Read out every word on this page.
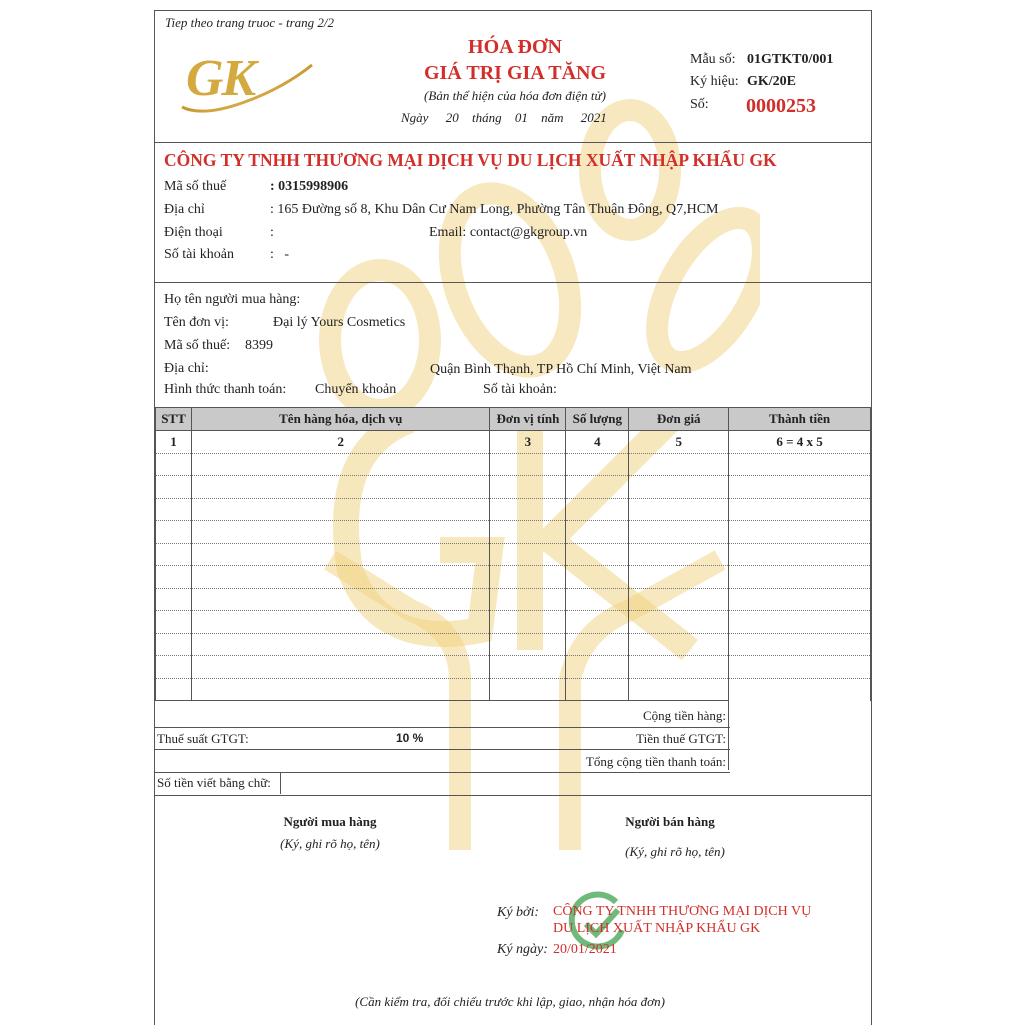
Tiep theo trang truoc - trang 2/2
GK
HÓA ĐƠN
GIÁ TRỊ GIA TĂNG
(Bản thể hiện của hóa đơn điện tử)
Ngày 20 tháng 01 năm 2021
Mẫu số: 01GTKT0/001
Ký hiệu: GK/20E
Số: 0000253
CÔNG TY TNHH THƯƠNG MẠI DỊCH VỤ DU LỊCH XUẤT NHẬP KHẨU GK
Mã số thuế	: 0315998906
Địa chỉ	: 165 Đường số 8, Khu Dân Cư Nam Long, Phường Tân Thuận Đông, Q7,HCM
Điện thoại	:	Email: contact@gkgroup.vn
Số tài khoản	:   -
Họ tên người mua hàng:
Tên đơn vị:	Đại lý Yours Cosmetics
Mã số thuế: 8399
Địa chỉ:	Quận Bình Thạnh, TP Hồ Chí Minh, Việt Nam
Hình thức thanh toán: Chuyển khoản	Số tài khoản:
STT	Tên hàng hóa, dịch vụ	Đơn vị tính	Số lượng	Đơn giá	Thành tiền
1	2	3	4	5	6 = 4 x 5

Cộng tiền hàng:
Thuế suất GTGT:	10 %	Tiền thuế GTGT:
Tổng cộng tiền thanh toán:
Số tiền viết bằng chữ:
Người mua hàng
(Ký, ghi rõ họ, tên)
Người bán hàng
(Ký, ghi rõ họ, tên)
Ký bởi: CÔNG TY TNHH THƯƠNG MẠI DỊCH VỤ
DU LỊCH XUẤT NHẬP KHẨU GK
Ký ngày: 20/01/2021
(Cần kiểm tra, đối chiếu trước khi lập, giao, nhận hóa đơn)
